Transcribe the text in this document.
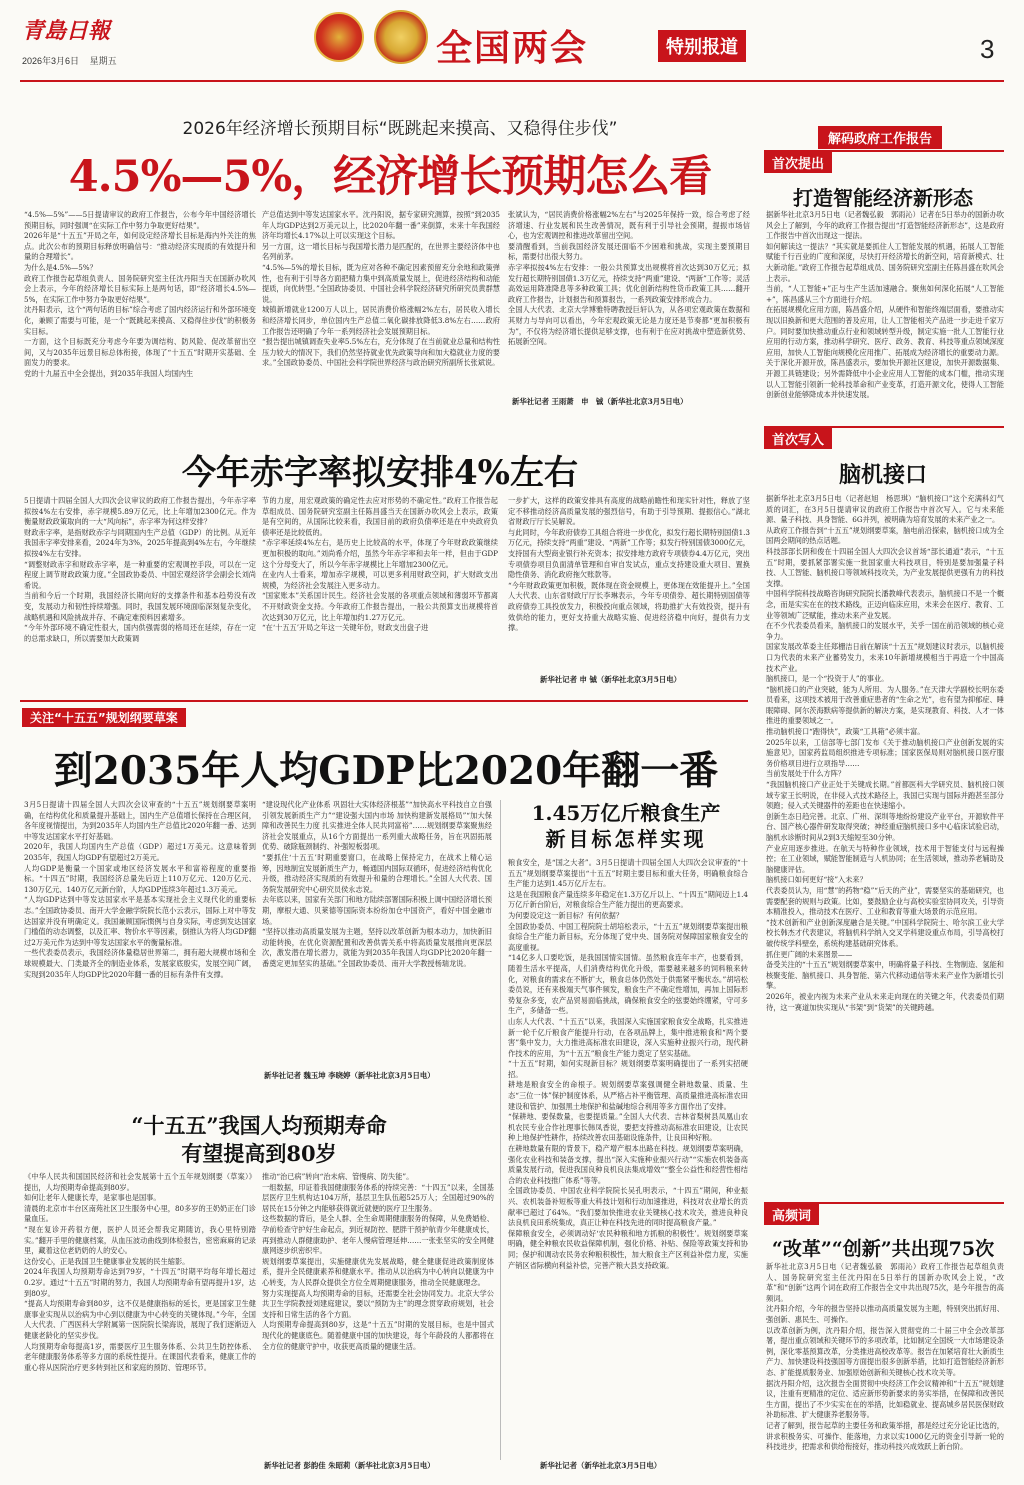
青島日報
2026年3月6日 星期五	全国两会	特别报道	3
2026年经济增长预期目标“既跳起来摸高、又稳得住步伐”
4.5%—5%，经济增长预期怎么看
“4.5%—5%”——5日提请审议的政府工作报告，公布今年中国经济增长预期目标，同时强调“在实际工作中努力争取更好结果”。
2026年是“十五五”开局之年，如何设定经济增长目标是海内外关注的焦点。此次公布的预期目标释放明确信号：“推动经济实现质的有效提升和量的合理增长”。
为什么是4.5%—5%？
政府工作报告起草组负责人、国务院研究室主任沈丹阳当天在国新办吹风会上表示，今年的经济增长目标实际上是两句话，即“经济增长4.5%—5%，在实际工作中努力争取更好结果”。
沈丹阳表示，这个“两句话的目标”综合考虑了国内经济运行和外部环境变化，兼顾了需要与可能，是一个“既跳起来摸高、又稳得住步伐”的积极务实目标。
一方面，这个目标既充分考虑今年要为调结构、防风险、促改革留出空间，又与2035年远景目标总体衔接，体现了“十五五”时期开实基础、全面发力的要求。
党的十九届五中全会提出，到2035年我国人均国内生
产总值达到中等发达国家水平。沈丹阳说，据专家研究测算，按照“到2035年人均GDP达到2万美元以上，比2020年翻一番”来倒算，未来十年我国经济年均增长4.17%以上可以实现这个目标。
另一方面，这一增长目标与我国增长潜力是匹配的，在世界主要经济体中也名列前茅。
“4.5%—5%的增长目标，既为应对各种不确定因素预留充分余地和政策弹性，也有利于引导各方面把精力集中到高质量发展上，促进经济结构和动能提质，向优转型。”全国政协委员、中国社会科学院经济研究所研究员黄群慧说。
城镇新增就业1200万人以上，居民消费价格涨幅2%左右，居民收入增长和经济增长同步，单位国内生产总值二氧化碳排放降低3.8%左右……政府工作报告还明确了今年一系列经济社会发展预期目标。
“报告提出城镇调查失业率5.5%左右，充分体现了在当前就业总量和结构性压力较大的情况下，我们仍然坚持就业优先政策导向和加大稳就业力度的要求。”全国政协委员、中国社会科学院世界经济与政治研究所副所长张斌说。
张斌认为，“居民消费价格涨幅2%左右”与2025年保持一致，综合考虑了经济增速、行业发展和民生改善情况，既有利于引导社会预期，提振市场信心，也为宏观调控和推进改革留出空间。
要清醒看到，当前我国经济发展还面临不少困难和挑战，实现主要预期目标，需要付出很大努力。
赤字率拟按4%左右安排：一般公共预算支出规模将首次达到30万亿元；拟发行超长期特别国债1.3万亿元，持续支持“两重”建设、“两新”工作等；灵活高效运用降准降息等多种政策工具；优化创新结构性货币政策工具……翻开政府工作报告，计划报告和预算报告，一系列政策安排形成合力。
全国人大代表、北京大学博雅特聘教授巨轩认为，从各项宏观政策在数据和其财力与导向可以看出，今年宏观政策无论是力度还是节奏都“更加积极有为”，不仅将为经济增长提供足够支撑，也有利于在应对挑战中塑造新优势、拓展新空间。
新华社记者 王雨萧　申　铖（新华社北京3月5日电）
解码政府工作报告
首次提出
打造智能经济新形态
据新华社北京3月5日电（记者魏弘毅　郭雨沁）记者在5日举办的国新办吹风会上了解到，今年的政府工作报告提出“打造智能经济新形态”，这是政府工作报告中首次出现这一提法。
如何解读这一提法？“其实就是要抓住人工智能发展的机遇，拓展人工智能赋能千行百业的广度和深度，尽快打开经济增长的新空间，培育新模式、壮大新动能。”政府工作报告起草组成员、国务院研究室副主任陈昌盛在吹风会上表示。
当前，“人工智能+”正与生产生活加速融合。聚焦如何深化拓展“人工智能+”，陈昌盛从三个方面进行介绍。
在拓展规模化应用方面，陈昌盛介绍，从硬件和智能终端层面看，要推动实现以旧换新和更大范围的普及应用，让人工智能相关产品进一步走进千家万户。同时要加快推动重点行业和领域转型升级，制定实施一批人工智能行业应用的行动方案，推动科学研究、医疗、政务、教育、科技等重点领域深度应用，加快人工智能向规模化应用推广、拓展成为经济增长的重要动力源。
关于深化开源开放，陈昌盛表示，要加快开源社区建设，加快开源数据集、开源工具链建设；另外需降低中小企业应用人工智能的成本门槛，推动实现以人工智能引领新一轮科技革命和产业变革，打造开源文化，使得人工智能创新创业能够降成本并快速发展。
首次写入
脑机接口
据新华社北京3月5日电（记者赵旭　杨思琪）“脑机接口”这个充满科幻气质的词汇，在3月5日提请审议的政府工作报告中首次写入。它与未来能源、量子科技、具身智能、6G并列，被明确为培育发展的未来产业之一。
从政府工作报告到“十五五”规划纲要草案，脑电前沿探索，脑机接口成为全国两会期间的热点话题。
科技部部长阴和俊在十四届全国人大四次会议首场“部长通道”表示，“十五五”时期，要抓紧部署实施一批国家重大科技项目，特别是要加强量子科技、人工智能、脑机接口等领域科技攻关，为产业发展提供更强有力的科技支撑。
中国科学院科技战略咨询研究院院长潘教峰代表表示，脑机接口不是一个概念，而是实实在在的技术路线，正迈向临床应用，未来会在医疗、教育、工业等领域广泛赋能，推动未来产业发展。
在不少代表委员看来，脑机接口的发展水平，关乎一国在前沿领域的核心竞争力。
国家发展改革委主任郑栅洁日前在解读“十五五”规划建议时表示，以脑机接口为代表的未来产业蓄势发力，未来10年新增规模相当于再造一个中国高技术产业。
脑机接口，是一个“投资于人”的事业。
“脑机接口的产业突破，能为人所用、为人服务。”在天津大学副校长明东委员看来，这项技术被用于改善重症患者的“生命之光”，也有望为抑郁症、睡眠障碍、阿尔茨海默病等提供新的解决方案，是实现教育、科技、人才一体推进的重要领域之一。
推动脑机接口“跑得快”，政策“工具箱”必须丰富。
2025年以来，工信部等七部门发布《关于推动脑机接口产业创新发展的实施意见》，国家药监局组织推进专项标准；国家医保局则对脑机接口医疗服务价格项目进行立项指导……
当前发展处于什么方阵？
“我国脑机接口产业正处于关键成长期。”首都医科大学研究员、脑机接口领域专家王长明说，在非侵入式技术路径上，我国已实现与国际并跑甚至部分领跑；侵入式关键器件的差距也在快速缩小。
创新生态日趋完善。北京、广州、深圳等地纷纷建设产业平台，开源软件平台、国产核心器件研发取得突破；神经重症脑机接口多中心临床试验启动，脑机水诊断时间从2到3天缩短至30分钟。
产业应用逐步推进。在航天与特种作业领域，技术用于智能支付与远程操控；在工业领域，赋能智能制造与人机协同；在生活领域，推动养老辅助及脑健康评估。
脑机接口如何更好“接”入未来？
代表委员认为，用“慧”的药物“稳”“后天的产业”，需要坚实的基础研究，也需要配套的规则与政策。比如，要鼓励企业与高校实验室协同攻关，引导资本精准投入，推动技术在医疗、工业和教育等重大场景的示范应用。
“技术创新和产业创新深度融合是关键。”中国科学院院士、哈尔滨工业大学校长韩杰才代表建议，将脑机科学纳入交叉学科建设重点布局，引导高校打破传统学科壁垒，系统构建基础研究体系。
抓住更广阔的未来图景——
备受关注的“十五五”规划纲要草案中，明确将量子科技、生物制造、氢能和核聚变能、脑机接口、具身智能、第六代移动通信等未来产业作为新增长引擎。
2026年，被业内视为未来产业从未来走向现在的关键之年，代表委员们期待，这一赛道加快实现从“书架”到“货架”的关键跨越。
高频词
“改革”“创新”共出现75次
新华社北京3月5日电（记者魏弘毅　郭雨沁）政府工作报告起草组负责人、国务院研究室主任沈丹阳在5日举行的国新办吹风会上说，“改革”和“创新”这两个词在政府工作报告全文中共出现75次，是今年报告的高频词。
沈丹阳介绍，今年的报告坚持以推动高质量发展为主题，特别突出抓好用、强创新、惠民生、可操作。
以改革创新为例，沈丹阳介绍，报告深入贯彻党的二十届三中全会改革部署，提出重点领域和关键环节的多项改革，比如制定全国统一大市场建设条例，深化零基预算改革，分类推进高校改革等。报告在加紧培育壮大新质生产力、加快建设科技强国等方面提出很多创新举措，比如打造智能经济新形态、扩能提质服务业、加强原始创新和关键核心技术攻关等。
据沈丹阳介绍，这次报告全面贯彻中央经济工作会议精神和“十五五”规划建议，注重有更精准的定位、适应新形势新要求的务实举措，在保障和改善民生方面，提出了不少实实在在的举措，比如稳就业、提高城乡居民医保财政补助标准、扩大健康养老服务等。
记者了解到，报告起草的主要任务和政策举措，都是经过充分论证比选的，讲求积极务实、可操作、能落地，力求以实1000亿元的资金引导新一轮的科技进步，把需求和供给衔接好，推动科技兴成效跃上新台阶。
今年赤字率拟安排4%左右
5日提请十四届全国人大四次会议审议的政府工作报告提出，今年赤字率拟按4%左右安排，赤字规模5.89万亿元，比上年增加2300亿元。作为衡量财政政策取向的一大“风向标”，赤字率为何这样安排？
财政赤字率，是指财政赤字与同期国内生产总值（GDP）的比例。从近年我国赤字率安排来看，2024年为3%，2025年提高到4%左右，今年继续拟按4%左右安排。
“调整财政赤字和财政赤字率，是一种重要的宏观调控手段，可以在一定程度上调节财政政策力度。”全国政协委员、中国宏观经济学会副会长刘尚希说。
当前和今后一个时期，我国经济长期向好的支撑条件和基本趋势没有改变，发展动力和韧性持续增强。同时，我国发展环境面临深刻复杂变化，战略机遇和风险挑战并存、不确定难预料因素增多。
“今年外部环境不确定性很大，国内供强需弱的格局还在延续，存在一定的总需求缺口，所以需要加大政策调
节的力度，用宏观政策的确定性去应对形势的不确定性。”政府工作报告起草组成员、国务院研究室副主任陈昌盛当天在国新办吹风会上表示，政策是有空间的，从国际比较来看，我国目前的政府负债率还是在中央政府负债率还是比较低的。
“赤字率延续4%左右，是历史上比较高的水平，体现了今年财政政策继续更加积极的取向。”刘尚希介绍，虽然今年赤字率和去年一样，但由于GDP这个分母变大了，所以今年赤字规模比上年增加2300亿元。
在业内人士看来，增加赤字规模，可以更多利用财政空间，扩大财政支出规模，为经济社会发展注入更多动力。
“国家账本”关系国计民生。经济社会发展的各项重点领域和薄弱环节都离不开财政资金支持。今年政府工作报告提出，一般公共预算支出规模将首次达到30万亿元，比上年增加约1.27万亿元。
“在‘十五五’开局之年这一关键年份，财政支出盘子进
一步扩大，这样的政策安排具有高度的战略前瞻性和现实针对性，释放了坚定不移推动经济高质量发展的强烈信号，有助于引导预期、提振信心。”湖北省财政厅厅长吴解说。
与此同时，今年政府债券工具组合将进一步优化，拟发行超长期特别国债1.3万亿元，持续支持“两重”建设、“两新”工作等；拟发行特别国债3000亿元，支持国有大型商业银行补充资本；拟安排地方政府专项债券4.4万亿元，突出专项债券项目负面清单管理和自审自发试点，重点支持建设重大项目、置换隐性债务、消化政府拖欠账款等。
“今年财政政策更加积极，既体现在资金规模上，更体现在效能提升上。”全国人大代表、山东省财政厅厅长李琳表示，今年专项债券、超长期特别国债等政府债券工具投放发力，积极投向重点领域，将助推扩大有效投资，提升有效供给的能力，更好支持重大战略实施、促进经济稳中向好，提供有力支撑。
新华社记者 申 铖（新华社北京3月5日电）
关注“十五五”规划纲要草案
到2035年人均GDP比2020年翻一番
3月5日提请十四届全国人大四次会议审查的“十五五”规划纲要草案明确，在结构优化和质量提升基础上，国内生产总值增长保持在合理区间，各年度视情提出，为到2035年人均国内生产总值比2020年翻一番、达到中等发达国家水平打好基础。
2020年，我国人均国内生产总值（GDP）超过1万美元。这意味着到2035年，我国人均GDP有望超过2万美元。
人均GDP是衡量一个国家或地区经济发展水平和富裕程度的重要指标。“十四五”时期，我国经济总量先后迈上110万亿元、120万亿元、130万亿元、140万亿元新台阶，人均GDP连续3年超过1.3万美元。
“人均GDP达到中等发达国家水平是基本实现社会主义现代化的重要标志。”全国政协委员、南开大学金融学院院长范小云表示，国际上对中等发达国家并没有明确定义。我国兼顾国际惯例与自身实际，考虑到发达国家门槛值的动态调整，以及汇率、物价水平等因素，倒推认为将人均GDP翻过2万美元作为达到中等发达国家水平的衡量标准。
一些代表委员表示，我国经济体量稳居世界第二，拥有超大规模市场和全球规模最大、门类最齐全的制造业体系，发展家底殷实，发展空间广阔，实现到2035年人均GDP比2020年翻一番的目标有条件有支撑。
“建设现代化产业体系 巩固壮大实体经济根基”“加快高水平科技自立自强 引领发展新质生产力”“建设强大国内市场 加快构建新发展格局”“加大保障和改善民生力度 扎实推进全体人民共同富裕”……规划纲要草案聚焦经济社会发展重点，从16个方面提出一系列重大战略任务，旨在巩固拓展优势、破除瓶颈制约、补强短板弱项。
“要抓住‘十五五’时期重要窗口，在战略上保持定力，在战术上精心运筹，因地制宜发展新质生产力，畅通国内国际双循环，促进经济结构优化升级，推动经济实现质的有效提升和量的合理增长。”全国人大代表、国务院发展研究中心研究员侯永志说。
去年底以来，国家有关部门和地方陆续部署国际积极上调中国经济增长预期，摩根大通、贝莱德等国际资本纷纷加仓中国资产，看好中国金融市场。
“坚持以推动高质量发展为主题，坚持以改革创新为根本动力，加快新旧动能转换，在优化资源配置和改善供需关系中将高质量发展推向更深层次，激发潜在增长潜力，就能为到2035年我国人均GDP比2020年翻一番奠定更加坚实的基础。”全国政协委员、南开大学教授杨瑞龙说。
新华社记者 魏玉坤 李晓婷（新华社北京3月5日电）
1.45万亿斤粮食生产
新目标怎样实现
粮食安全，是“国之大者”。3月5日提请十四届全国人大四次会议审查的“十五五”规划纲要草案提出“十五五”时期主要目标和重大任务，明确粮食综合生产能力达到1.45万亿斤左右。
这是在我国粮食产量连续多年稳定在1.3万亿斤以上、“十四五”期间迈上1.4万亿斤新台阶后，对粮食综合生产能力提出的更高要求。
为何要设定这一新目标？有何依据？
全国政协委员、中国工程院院士胡培松表示，“十五五”规划纲要草案提出粮食综合生产能力新目标，充分体现了党中央、国务院对保障国家粮食安全的高度重视。
“14亿多人口要吃饭，是我国国情实国情。虽然粮食连年丰产，也要看到，随着生活水平提高，人们消费结构优化升级，需要越来越多的饲料粮来转化，对粮食的需求在不断扩大，粮食总体仍然处于供需紧平衡状态。”胡培松委员说，还有来极端天气事件频发，粮食生产不确定性增加，再加上国际形势复杂多变，农产品贸易面临挑战，确保粮食安全的弦要始终绷紧，守可多生产，多储备一些。
山东人大代表、“十五五”以来，我国深入实施国家粮食安全战略，扎实推进新一轮千亿斤粮食产能提升行动，在各项品牌上，集中推进粮食和“两个要害”集中发力，大力推进高标准农田建设，深入实施种业振兴行动，现代耕作技术的应用，为“十五五”粮食生产能力奠定了坚实基础。
“十五五”时期，如何实现新目标？规划纲要草案明确提出了一系列实招硬招。
耕地是粮食安全的命根子。规划纲要草案强调健全耕地数量、质量、生态“三位一体”保护制度体系，从严格占补平衡管理、高质量推进高标准农田建设和管护、加强黑土地保护和盐碱地综合利用等多方面作出了安排。
“保耕地、要保数量，也要提质量。”全国人大代表、吉林省梨树县凤凰山农机农民专业合作社理事长韩凤香说，要把支持推动高标准农田建设，让农民种上地保护性耕作，持续改善农田基础设施条件，让良田种好粮。
在耕地数量有限的背景下，稳产增产根本出路在科技。规划纲要草案明确，强化农业科技和装备支撑，提出“深入实施种业振兴行动”“实施农机装备高质量发展行动，促进我国良种良机良法集成增效”“整全公益性和经营性相结合的农业科技推广体系”等等。
全国政协委员、中国农业科学院院长吴孔明表示，“十四五”期间，种业振兴、农机装备补短板等重大科技计划和行动加速推进，科技对农业增长的贡献率已超过了64%。“我们要加快推进农业关键核心技术攻关，推进良种良法良机良田系统集成，真正让种在科技先进的同时提高粮食产量。”
保障粮食安全，必须调动好‘农民种粮和地方抓粮的积极性’。规划纲要草案明确，健全种粮农民收益保障机制，强化价格、补贴、保险等政策支持和协同；保护和调动农民务农种粮积极性，加大粮食主产区利益补偿力度，实施产销区省际横向利益补偿，完善产粮大县支持政策。
新华社记者（新华社北京3月5日电）
“十五五”我国人均预期寿命
有望提高到80岁
《中华人民共和国国民经济和社会发展第十五个五年规划纲要（草案）》提出，人均预期寿命提高到80岁。
如何让老年人健康长寿，是家事也是国事。
清晨的北京市丰台区南苑社区卫生服务中心里，80多岁的王奶奶正在门诊量血压。
“现在复诊开药很方便，医护人员还会帮我定期随访，我心里特别踏实。”翻开手里的健康档案，从血压波动曲线到体检报告，密密麻麻的记录里，藏着这位老奶奶的人的安心。
这份安心，正是我国卫生健康事业发展的民生缩影。
2024年我国人均预期寿命达到79岁，“十四五”时期平均每年增长超过0.2岁。通过“十五五”时期的努力，我国人均预期寿命有望再提升1岁，达到80岁。
“提高人均预期寿命到80岁，这不仅是健康指标的延长，更是国家卫生健康事业实现从以治病为中心到以健康为中心转变的关键体现。”今年，全国人大代表、广西医科大学附属第一医院院长梁海说，展现了我们逐渐迈入健康老龄化的坚实步伐。
人均预期寿命每提高1岁，需要医疗卫生服务体系、公共卫生防控体系、老年健康服务体系等多方面的系统性提升。在课国代表看来，健康工作的重心将从医院治疗更多转到社区和家庭的预防、管理环节。
推动“治已病”转向“治未病、管慢病、防失能”。
一组数据，印证着我国健康服务体系的持续完善：“十四五”以来，全国基层医疗卫生机构达104万所，基层卫生队伍超525万人；全国超过90%的居民在15分钟之内能够获得就近就便的医疗卫生服务。
这些数据的背后，是全人群、全生命周期健康服务的保障，从免费婚检、孕前检查守护好生命起点，到近视防控、肥胖干预护航青少年健康成长，再到推动人群健康助护、老年人慢病管理延伸……一张张坚实的安全网健康网逐步织密织牢。
规划纲要草案提出，实施健康优先发展战略，健全健康促进政策制度体系，提升全民健康素养和健康水平。推动从以治病为中心转向以健康为中心转变，为人民群众提供全方位全周期健康服务，推动全民健康理念。
努力实现提高人均预期寿命的目标，还需要全社会协同发力。北京大学公共卫生学院教授刘建庭建议，要以“预防为主”的理念贯穿政府规划，社会支持和日常生活的各个方面。
人均预期寿命提高到80岁，这是“十五五”时期的发展目标，也是中国式现代化的健康底色。随着健康中国的加快建设，每个年龄段的人都都将在全方位的健康守护中，收获更高质量的健康生活。
新华社记者 彭韵佳 朱昭莉（新华社北京3月5日电）
